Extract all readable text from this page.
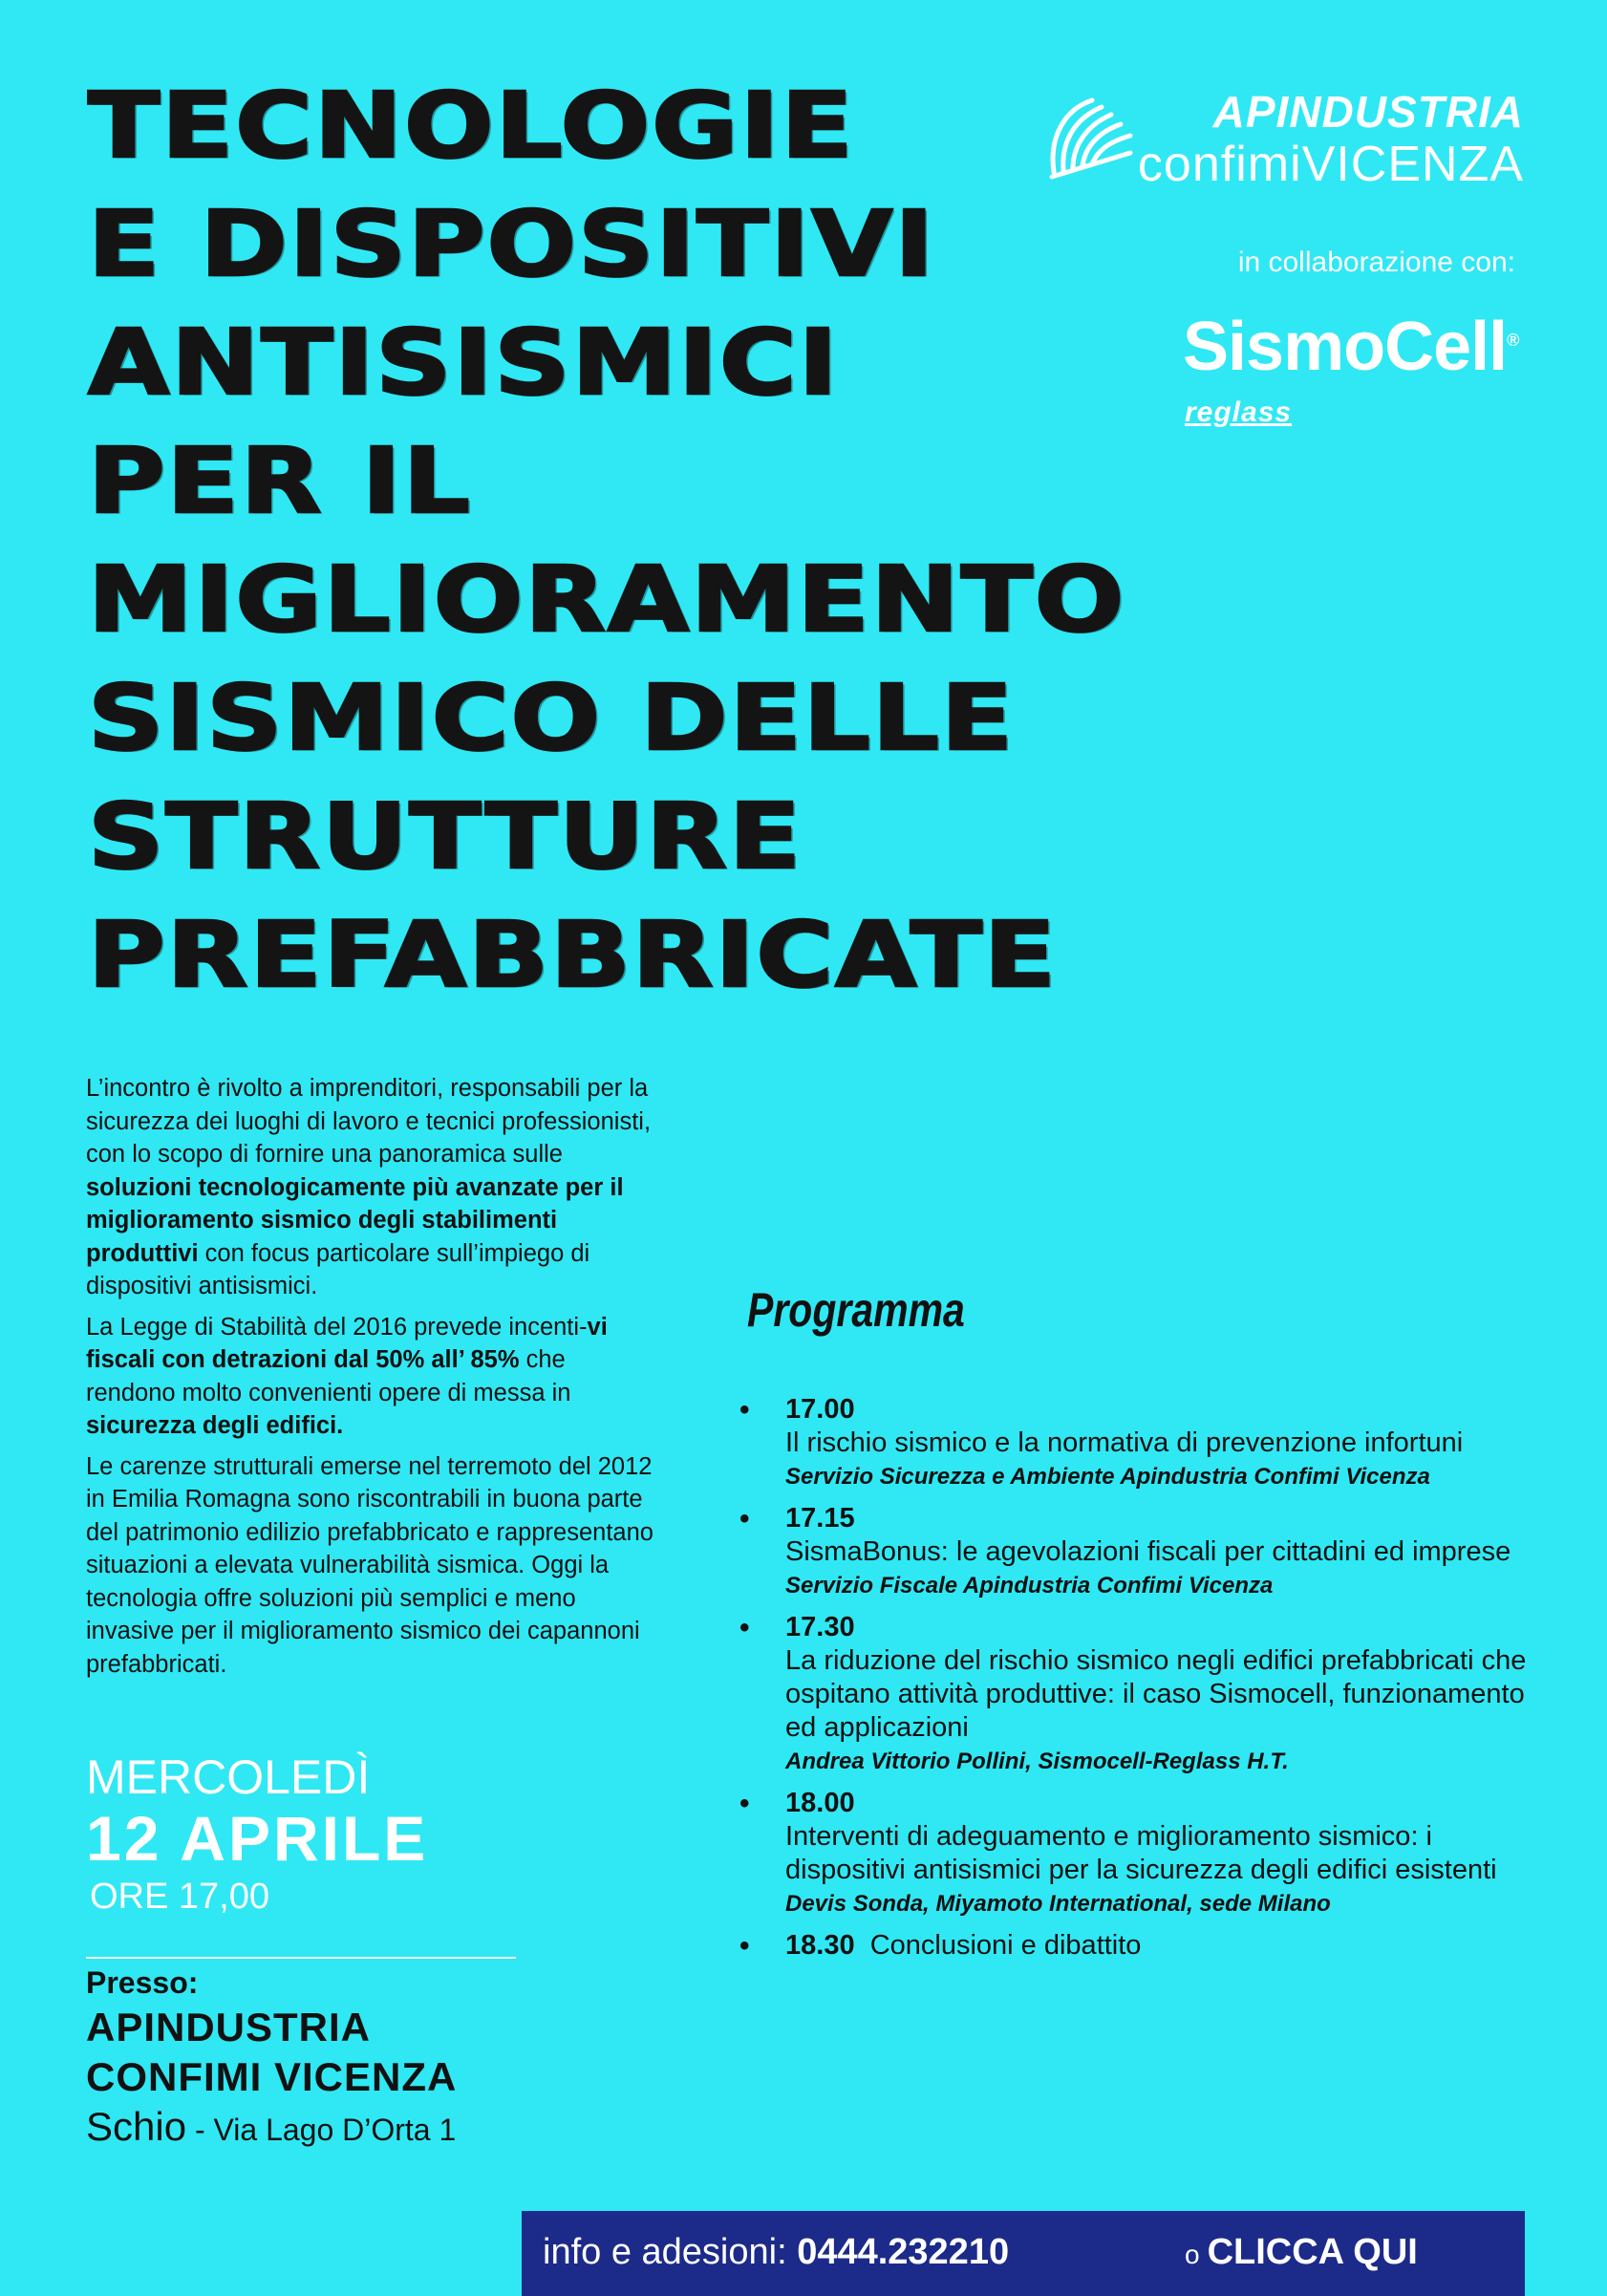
TECNOLOGIE
E DISPOSITIVI
ANTISISMICI
PER IL
MIGLIORAMENTO
SISMICO DELLE
STRUTTURE
PREFABBRICATE
APINDUSTRIA
confimiVICENZA
in collaborazione con:
SismoCell®
reglass

L’incontro è rivolto a imprenditori, responsabili per la sicurezza dei luoghi di lavoro e tecnici professionisti, con lo scopo di fornire una panoramica sulle soluzioni tecnologicamente più avanzate per il miglioramento sismico degli stabilimenti produttivi con focus particolare sull’impiego di dispositivi antisismici.

La Legge di Stabilità del 2016 prevede incenti-vi fiscali con detrazioni dal 50% all’ 85% che rendono molto convenienti opere di messa in sicurezza degli edifici.

Le carenze strutturali emerse nel terremoto del 2012 in Emilia Romagna sono riscontrabili in buona parte del patrimonio edilizio prefabbricato e rappresentano situazioni a elevata vulnerabilità sismica. Oggi la tecnologia offre soluzioni più semplici e meno invasive per il miglioramento sismico dei capannoni prefabbricati.

MERCOLEDÌ
12 APRILE
ORE 17,00
Presso:
APINDUSTRIA
CONFIMI VICENZA
Schio - Via Lago D’Orta 1
Programma
• 17.00
Il rischio sismico e la normativa di prevenzione infortuni
Servizio Sicurezza e Ambiente Apindustria Confimi Vicenza
• 17.15
SismaBonus: le agevolazioni fiscali per cittadini ed imprese
Servizio Fiscale Apindustria Confimi Vicenza
• 17.30
La riduzione del rischio sismico negli edifici prefabbricati che ospitano attività produttive: il caso Sismocell, funzionamento ed applicazioni
Andrea Vittorio Pollini, Sismocell-Reglass H.T.
• 18.00
Interventi di adeguamento e miglioramento sismico: i dispositivi antisismici per la sicurezza degli edifici esistenti
Devis Sonda, Miyamoto International, sede Milano
• 18.30 Conclusioni e dibattito
info e adesioni: 0444.232210	o CLICCA QUI
